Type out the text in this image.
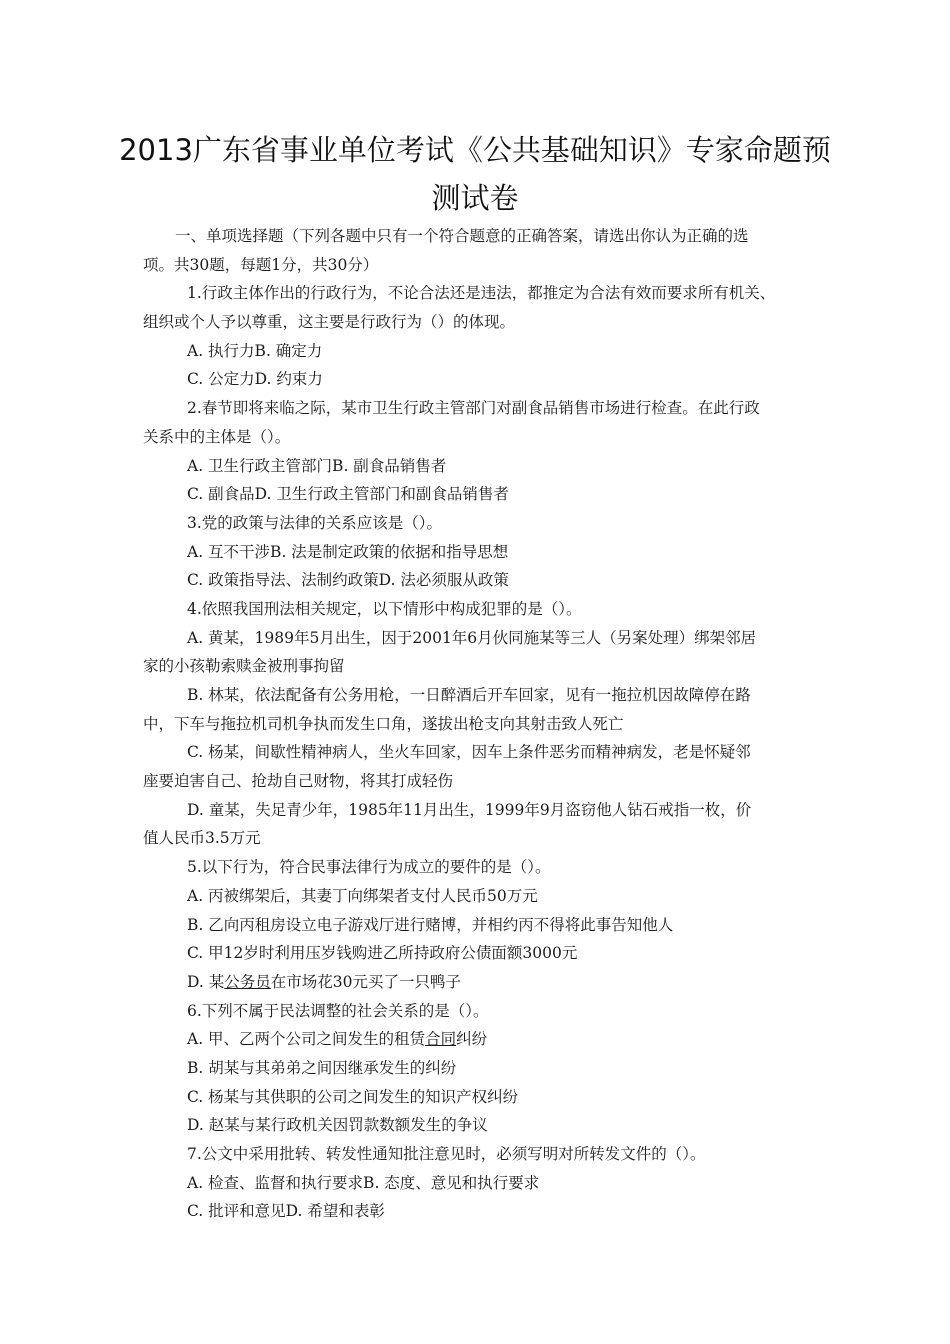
2013广东省事业单位考试《公共基础知识》专家命题预
测试卷

一、单项选择题（下列各题中只有一个符合题意的正确答案，请选出你认为正确的选

项。共30题，每题1分，共30分）

1.行政主体作出的行政行为，不论合法还是违法，都推定为合法有效而要求所有机关、

组织或个人予以尊重，这主要是行政行为（）的体现。

A. 执行力B. 确定力

C. 公定力D. 约束力

2.春节即将来临之际，某市卫生行政主管部门对副食品销售市场进行检查。在此行政

关系中的主体是（）。

A. 卫生行政主管部门B. 副食品销售者

C. 副食品D. 卫生行政主管部门和副食品销售者

3.党的政策与法律的关系应该是（）。

A. 互不干涉B. 法是制定政策的依据和指导思想

C. 政策指导法、法制约政策D. 法必须服从政策

4.依照我国刑法相关规定，以下情形中构成犯罪的是（）。

A. 黄某，1989年5月出生，因于2001年6月伙同施某等三人（另案处理）绑架邻居

家的小孩勒索赎金被刑事拘留

B. 林某，依法配备有公务用枪，一日醉酒后开车回家，见有一拖拉机因故障停在路

中，下车与拖拉机司机争执而发生口角，遂拔出枪支向其射击致人死亡

C. 杨某，间歇性精神病人，坐火车回家，因车上条件恶劣而精神病发，老是怀疑邻

座要迫害自己、抢劫自己财物，将其打成轻伤

D. 童某，失足青少年，1985年11月出生，1999年9月盗窃他人钻石戒指一枚，价

值人民币3.5万元

5.以下行为，符合民事法律行为成立的要件的是（）。

A. 丙被绑架后，其妻丁向绑架者支付人民币50万元

B. 乙向丙租房设立电子游戏厅进行赌博，并相约丙不得将此事告知他人

C. 甲12岁时利用压岁钱购进乙所持政府公债面额3000元

D. 某公务员在市场花30元买了一只鸭子

6.下列不属于民法调整的社会关系的是（）。

A. 甲、乙两个公司之间发生的租赁合同纠纷

B. 胡某与其弟弟之间因继承发生的纠纷

C. 杨某与其供职的公司之间发生的知识产权纠纷

D. 赵某与某行政机关因罚款数额发生的争议

7.公文中采用批转、转发性通知批注意见时，必须写明对所转发文件的（）。

A. 检查、监督和执行要求B. 态度、意见和执行要求

C. 批评和意见D. 希望和表彰
